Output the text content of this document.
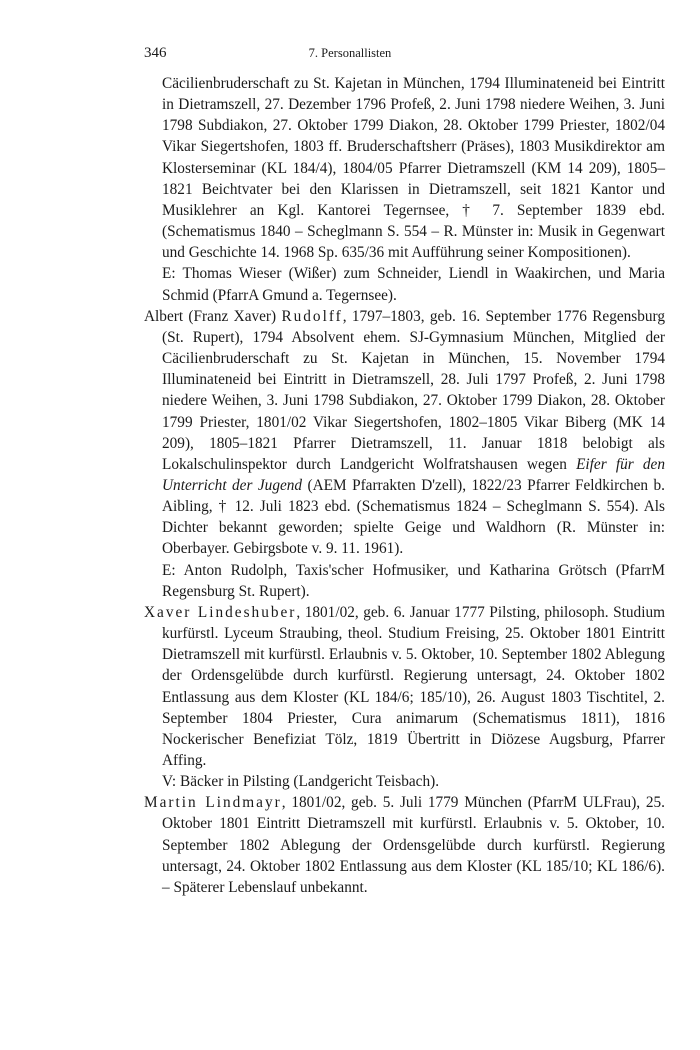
346	7. Personallisten

Cäcilienbruderschaft zu St. Kajetan in München, 1794 Illuminateneid bei Eintritt in Dietramszell, 27. Dezember 1796 Profeß, 2. Juni 1798 niedere Weihen, 3. Juni 1798 Subdiakon, 27. Oktober 1799 Diakon, 28. Oktober 1799 Priester, 1802/04 Vikar Siegertshofen, 1803 ff. Bruderschaftsherr (Präses), 1803 Musikdirektor am Klosterseminar (KL 184/4), 1804/05 Pfarrer Dietramszell (KM 14 209), 1805–1821 Beichtvater bei den Klarissen in Dietramszell, seit 1821 Kantor und Musiklehrer an Kgl. Kantorei Tegernsee, † 7. September 1839 ebd. (Schematismus 1840 – Scheglmann S. 554 – R. Münster in: Musik in Gegenwart und Geschichte 14. 1968 Sp. 635/36 mit Aufführung seiner Kompositionen).

E: Thomas Wieser (Wißer) zum Schneider, Liendl in Waakirchen, und Maria Schmid (PfarrA Gmund a. Tegernsee).

Albert (Franz Xaver) Rudolff, 1797–1803, geb. 16. September 1776 Regensburg (St. Rupert), 1794 Absolvent ehem. SJ-Gymnasium München, Mitglied der Cäcilienbruderschaft zu St. Kajetan in München, 15. November 1794 Illuminateneid bei Eintritt in Dietramszell, 28. Juli 1797 Profeß, 2. Juni 1798 niedere Weihen, 3. Juni 1798 Subdiakon, 27. Oktober 1799 Diakon, 28. Oktober 1799 Priester, 1801/02 Vikar Siegertshofen, 1802–1805 Vikar Biberg (MK 14 209), 1805–1821 Pfarrer Dietramszell, 11. Januar 1818 belobigt als Lokalschulinspektor durch Landgericht Wolfratshausen wegen Eifer für den Unterricht der Jugend (AEM Pfarrakten D'zell), 1822/23 Pfarrer Feldkirchen b. Aibling, † 12. Juli 1823 ebd. (Schematismus 1824 – Scheglmann S. 554). Als Dichter bekannt geworden; spielte Geige und Waldhorn (R. Münster in: Oberbayer. Gebirgsbote v. 9. 11. 1961).

E: Anton Rudolph, Taxis'scher Hofmusiker, und Katharina Grötsch (PfarrM Regensburg St. Rupert).

Xaver Lindeshuber, 1801/02, geb. 6. Januar 1777 Pilsting, philosoph. Studium kurfürstl. Lyceum Straubing, theol. Studium Freising, 25. Oktober 1801 Eintritt Dietramszell mit kurfürstl. Erlaubnis v. 5. Oktober, 10. September 1802 Ablegung der Ordensgelübde durch kurfürstl. Regierung untersagt, 24. Oktober 1802 Entlassung aus dem Kloster (KL 184/6; 185/10), 26. August 1803 Tischtitel, 2. September 1804 Priester, Cura animarum (Schematismus 1811), 1816 Nockerischer Benefiziat Tölz, 1819 Übertritt in Diözese Augsburg, Pfarrer Affing.

V: Bäcker in Pilsting (Landgericht Teisbach).

Martin Lindmayr, 1801/02, geb. 5. Juli 1779 München (PfarrM ULFrau), 25. Oktober 1801 Eintritt Dietramszell mit kurfürstl. Erlaubnis v. 5. Oktober, 10. September 1802 Ablegung der Ordensgelübde durch kurfürstl. Regierung untersagt, 24. Oktober 1802 Entlassung aus dem Kloster (KL 185/10; KL 186/6). – Späterer Lebenslauf unbekannt.
